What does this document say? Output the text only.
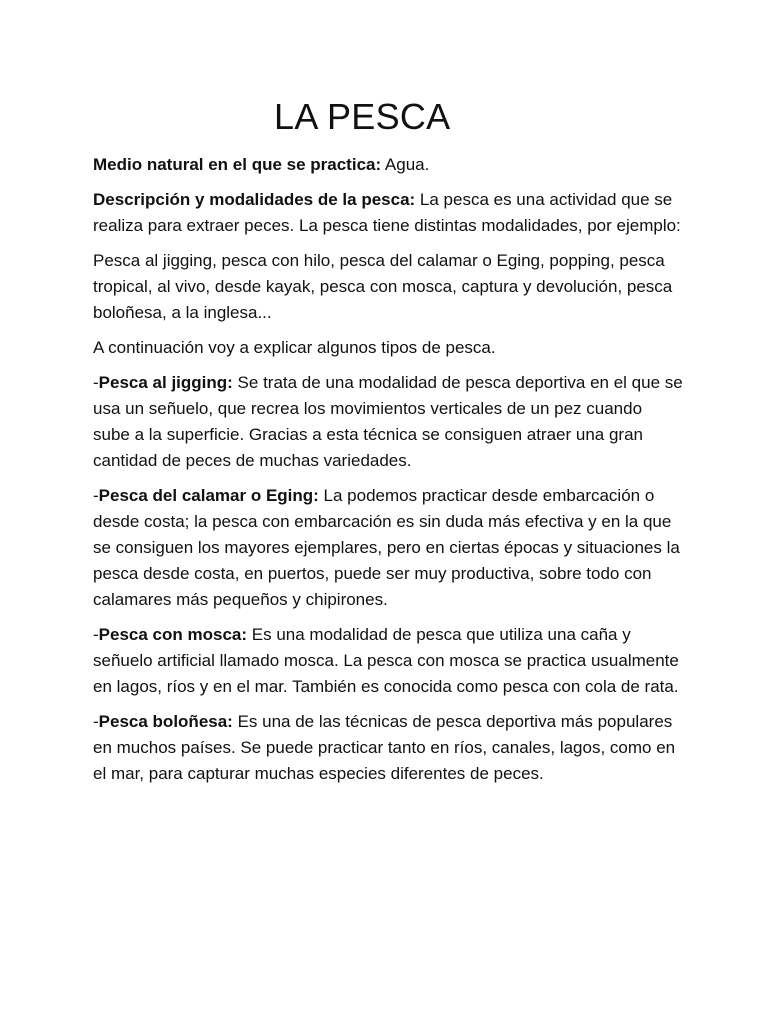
LA PESCA

Medio natural en el que se practica: Agua.

Descripción y modalidades de la pesca: La pesca es una actividad que se realiza para extraer peces. La pesca tiene distintas modalidades, por ejemplo:

Pesca al jigging, pesca con hilo, pesca del calamar o Eging, popping, pesca tropical, al vivo, desde kayak, pesca con mosca, captura y devolución, pesca boloñesa, a la inglesa...

A continuación voy a explicar algunos tipos de pesca.

-Pesca al jigging: Se trata de una modalidad de pesca deportiva en el que se usa un señuelo, que recrea los movimientos verticales de un pez cuando sube a la superficie. Gracias a esta técnica se consiguen atraer una gran cantidad de peces de muchas variedades.

-Pesca del calamar o Eging: La podemos practicar desde embarcación o desde costa; la pesca con embarcación es sin duda más efectiva y en la que se consiguen los mayores ejemplares, pero en ciertas épocas y situaciones la pesca desde costa, en puertos, puede ser muy productiva, sobre todo con calamares más pequeños y chipirones.

-Pesca con mosca: Es una modalidad de pesca que utiliza una caña y señuelo artificial llamado mosca. La pesca con mosca se practica usualmente en lagos, ríos y en el mar. También es conocida como pesca con cola de rata.

-Pesca boloñesa: Es una de las técnicas de pesca deportiva más populares en muchos países. Se puede practicar tanto en ríos, canales, lagos, como en el mar, para capturar muchas especies diferentes de peces.
